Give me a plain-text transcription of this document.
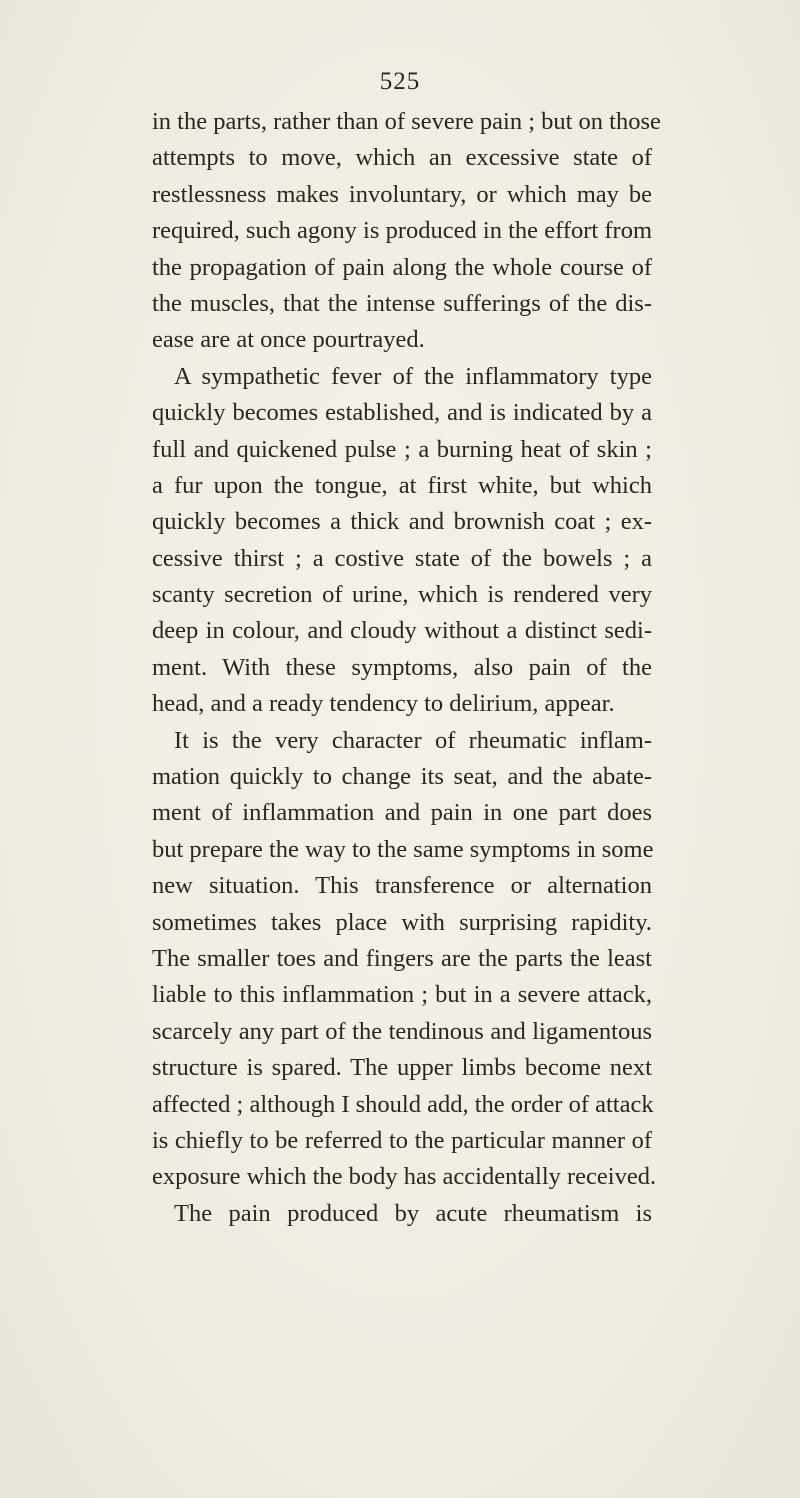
525
in the parts, rather than of severe pain ; but on those
attempts to move, which an excessive state of
restlessness makes involuntary, or which may be
required, such agony is produced in the effort from
the propagation of pain along the whole course of
the muscles, that the intense sufferings of the dis-
ease are at once pourtrayed.
A sympathetic fever of the inflammatory type
quickly becomes established, and is indicated by a
full and quickened pulse ; a burning heat of skin ;
a fur upon the tongue, at first white, but which
quickly becomes a thick and brownish coat ; ex-
cessive thirst ; a costive state of the bowels ; a
scanty secretion of urine, which is rendered very
deep in colour, and cloudy without a distinct sedi-
ment. With these symptoms, also pain of the
head, and a ready tendency to delirium, appear.
It is the very character of rheumatic inflam-
mation quickly to change its seat, and the abate-
ment of inflammation and pain in one part does
but prepare the way to the same symptoms in some
new situation. This transference or alternation
sometimes takes place with surprising rapidity.
The smaller toes and fingers are the parts the least
liable to this inflammation ; but in a severe attack,
scarcely any part of the tendinous and ligamentous
structure is spared. The upper limbs become next
affected ; although I should add, the order of attack
is chiefly to be referred to the particular manner of
exposure which the body has accidentally received.
The pain produced by acute rheumatism is
